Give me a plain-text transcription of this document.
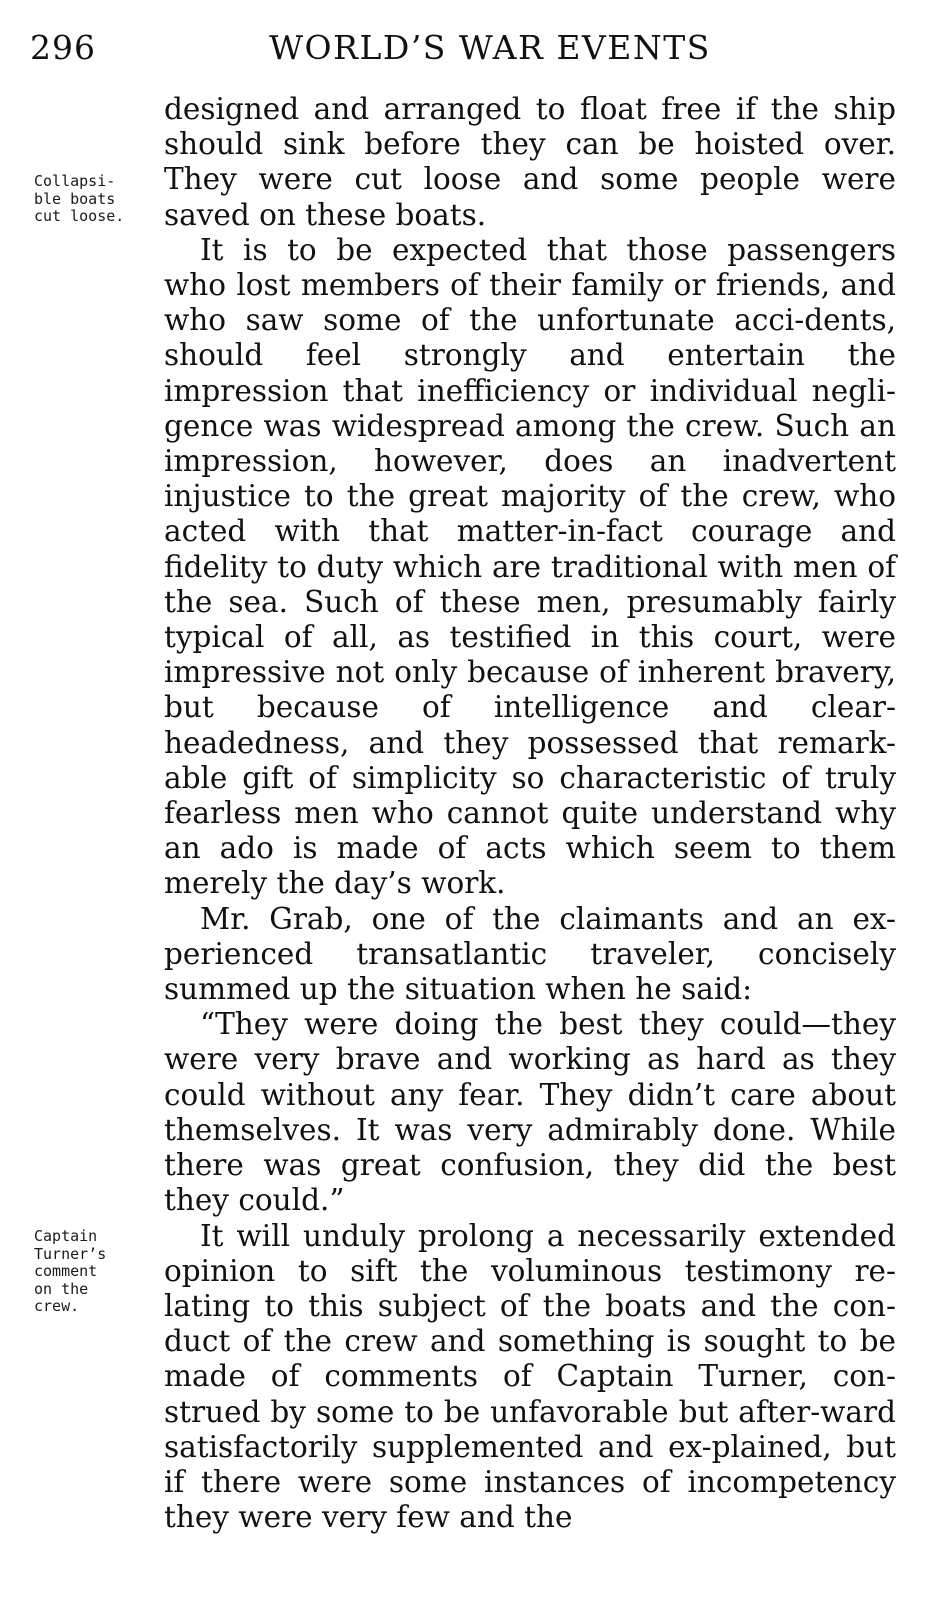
296	WORLD’S WAR EVENTS
Collapsi-
ble boats
cut loose.
Captain
Turner’s
comment
on the
crew.

designed and arranged to float free if the ship should sink before they can be hoisted over. They were cut loose and some people were saved on these boats.

It is to be expected that those passengers who lost members of their family or friends, and who saw some of the unfortunate acci-dents, should feel strongly and entertain the impression that inefficiency or individual negli-gence was widespread among the crew. Such an impression, however, does an inadvertent injustice to the great majority of the crew, who acted with that matter-in-fact courage and fidelity to duty which are traditional with men of the sea. Such of these men, presumably fairly typical of all, as testified in this court, were impressive not only because of inherent bravery, but because of intelligence and clear-headedness, and they possessed that remark-able gift of simplicity so characteristic of truly fearless men who cannot quite understand why an ado is made of acts which seem to them merely the day’s work.

Mr. Grab, one of the claimants and an ex-perienced transatlantic traveler, concisely summed up the situation when he said:

“They were doing the best they could—they were very brave and working as hard as they could without any fear. They didn’t care about themselves. It was very admirably done. While there was great confusion, they did the best they could.”

It will unduly prolong a necessarily extended opinion to sift the voluminous testimony re-lating to this subject of the boats and the con-duct of the crew and something is sought to be made of comments of Captain Turner, con-strued by some to be unfavorable but after-ward satisfactorily supplemented and ex-plained, but if there were some instances of incompetency they were very few and the
